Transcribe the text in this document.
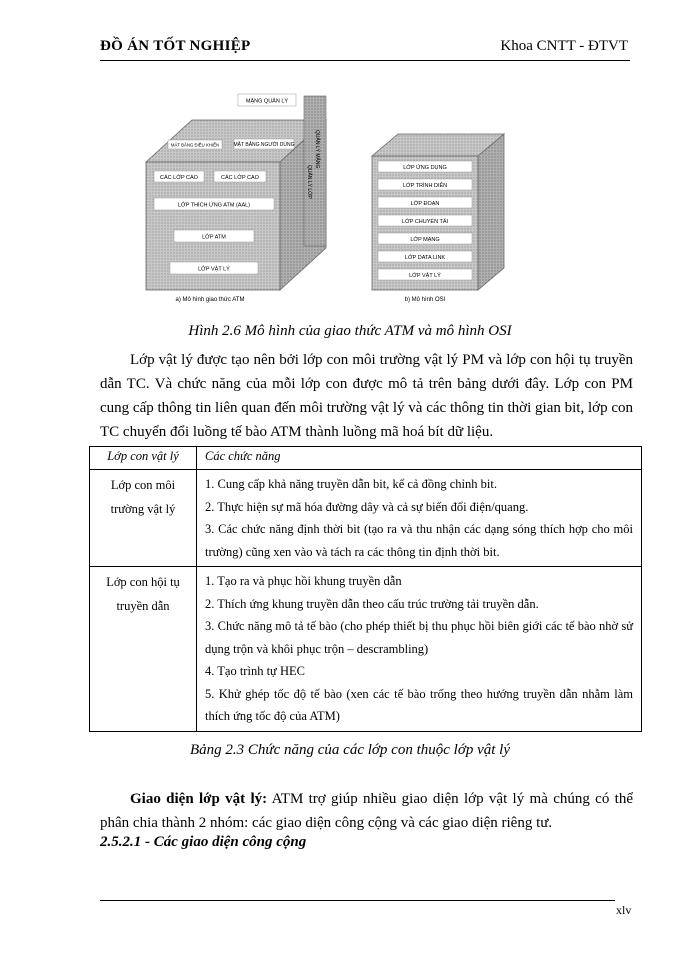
ĐỒ ÁN TỐT NGHIỆP	Khoa CNTT - ĐTVT
MẶNG QUẢN LÝ
MẶT BẰNG ĐIỀU KHIỂN	MẶT BẰNG NGƯỜI DÙNG	QUẢN LÝ MẶNG
QUẢN LÝ LỚP
CÁC LỚP CAO	CÁC LỚP CAO
LỚP THÍCH ỨNG ATM (AAL)
LỚP ATM
LỚP VẬT LÝ
a) Mô hình giao thức ATM
LỚP ỨNG DỤNG
LỚP TRÌNH DIỄN
LỚP ĐOẠN
LỚP CHUYỂN TẢI
LỚP MẠNG
LỚP DATA LINK
LỚP VẬT LÝ
b) Mô hình OSI
Hình 2.6 Mô hình của giao thức ATM và mô hình OSI
Lớp vật lý được tạo nên bởi lớp con môi trường vật lý PM và lớp con hội tụ truyền dẫn TC. Và chức năng của mỗi lớp con được mô tả trên bảng dưới đây. Lớp con PM cung cấp thông tin liên quan đến môi trường vật lý và các thông tin thời gian bit, lớp con TC chuyển đổi luồng tế bào ATM thành luồng mã hoá bít dữ liệu.
Lớp con vật lý	Các chức năng
Lớp con môi trường vật lý	1. Cung cấp khả năng truyền dẫn bit, kể cả đồng chỉnh bit.
2. Thực hiện sự mã hóa đường dây và cả sự biến đổi điện/quang.
3. Các chức năng định thời bit (tạo ra và thu nhận các dạng sóng thích hợp cho môi trường) cũng xen vào và tách ra các thông tin định thời bit.

Lớp con hội tụ truyền dẫn	1. Tạo ra và phục hồi khung truyền dẫn
2. Thích ứng khung truyền dẫn theo cấu trúc trường tải truyền dẫn.
3. Chức năng mô tả tế bào (cho phép thiết bị thu phục hồi biên giới các tế bào nhờ sử dụng trộn và khôi phục trộn – descrambling)
4. Tạo trình tự HEC
5. Khử ghép tốc độ tế bào (xen các tế bào trống theo hướng truyền dẫn nhằm làm thích ứng tốc độ của ATM)
Bảng 2.3 Chức năng của các lớp con thuộc lớp vật lý
Giao diện lớp vật lý: ATM trợ giúp nhiều giao diện lớp vật lý mà chúng có thể phân chia thành 2 nhóm: các giao diện công cộng và các giao diện riêng tư.
2.5.2.1 - Các giao diện công cộng
xlv
